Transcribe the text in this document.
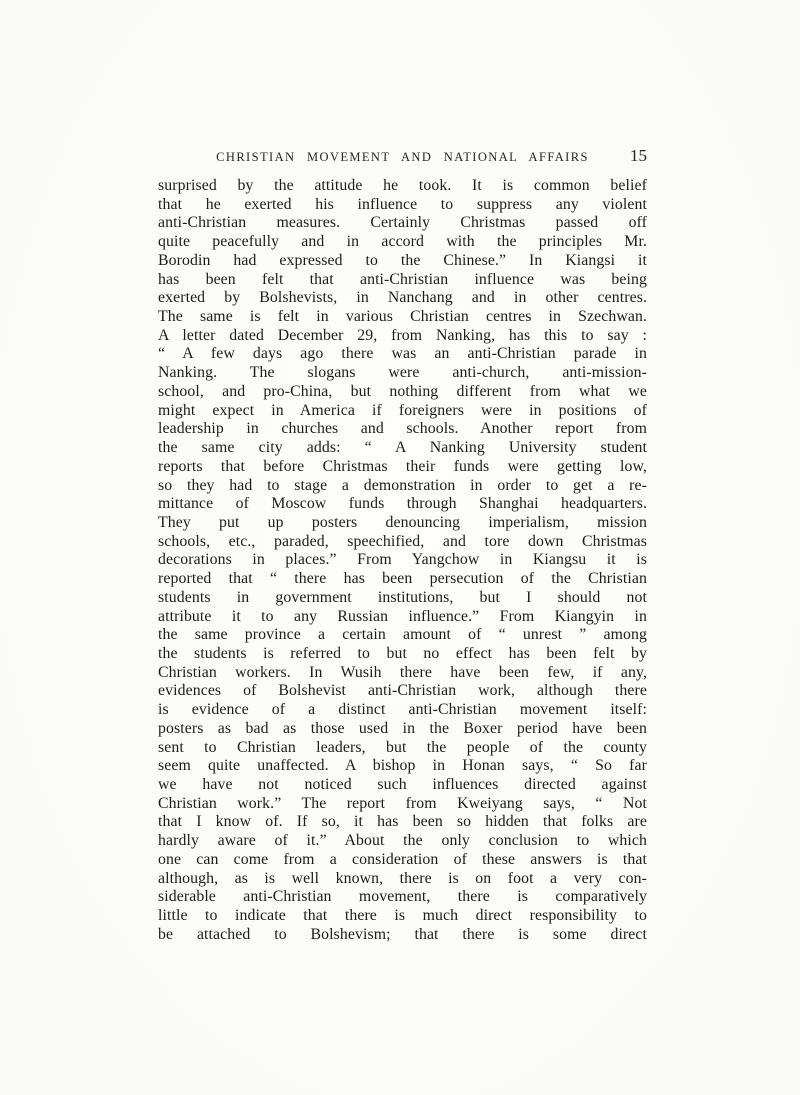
CHRISTIAN MOVEMENT AND NATIONAL AFFAIRS 15
surprised by the attitude he took. It is common belief
that he exerted his influence to suppress any violent
anti-Christian measures. Certainly Christmas passed off
quite peacefully and in accord with the principles Mr.
Borodin had expressed to the Chinese.” In Kiangsi it
has been felt that anti-Christian influence was being
exerted by Bolshevists, in Nanchang and in other centres.
The same is felt in various Christian centres in Szechwan.
A letter dated December 29, from Nanking, has this to say :
“ A few days ago there was an anti-Christian parade in
Nanking. The slogans were anti-church, anti-mission-
school, and pro-China, but nothing different from what we
might expect in America if foreigners were in positions of
leadership in churches and schools. Another report from
the same city adds: “ A Nanking University student
reports that before Christmas their funds were getting low,
so they had to stage a demonstration in order to get a re-
mittance of Moscow funds through Shanghai headquarters.
They put up posters denouncing imperialism, mission
schools, etc., paraded, speechified, and tore down Christmas
decorations in places.” From Yangchow in Kiangsu it is
reported that “ there has been persecution of the Christian
students in government institutions, but I should not
attribute it to any Russian influence.” From Kiangyin in
the same province a certain amount of “ unrest ” among
the students is referred to but no effect has been felt by
Christian workers. In Wusih there have been few, if any,
evidences of Bolshevist anti-Christian work, although there
is evidence of a distinct anti-Christian movement itself:
posters as bad as those used in the Boxer period have been
sent to Christian leaders, but the people of the county
seem quite unaffected. A bishop in Honan says, “ So far
we have not noticed such influences directed against
Christian work.” The report from Kweiyang says, “ Not
that I know of. If so, it has been so hidden that folks are
hardly aware of it.” About the only conclusion to which
one can come from a consideration of these answers is that
although, as is well known, there is on foot a very con-
siderable anti-Christian movement, there is comparatively
little to indicate that there is much direct responsibility to
be attached to Bolshevism; that there is some direct
